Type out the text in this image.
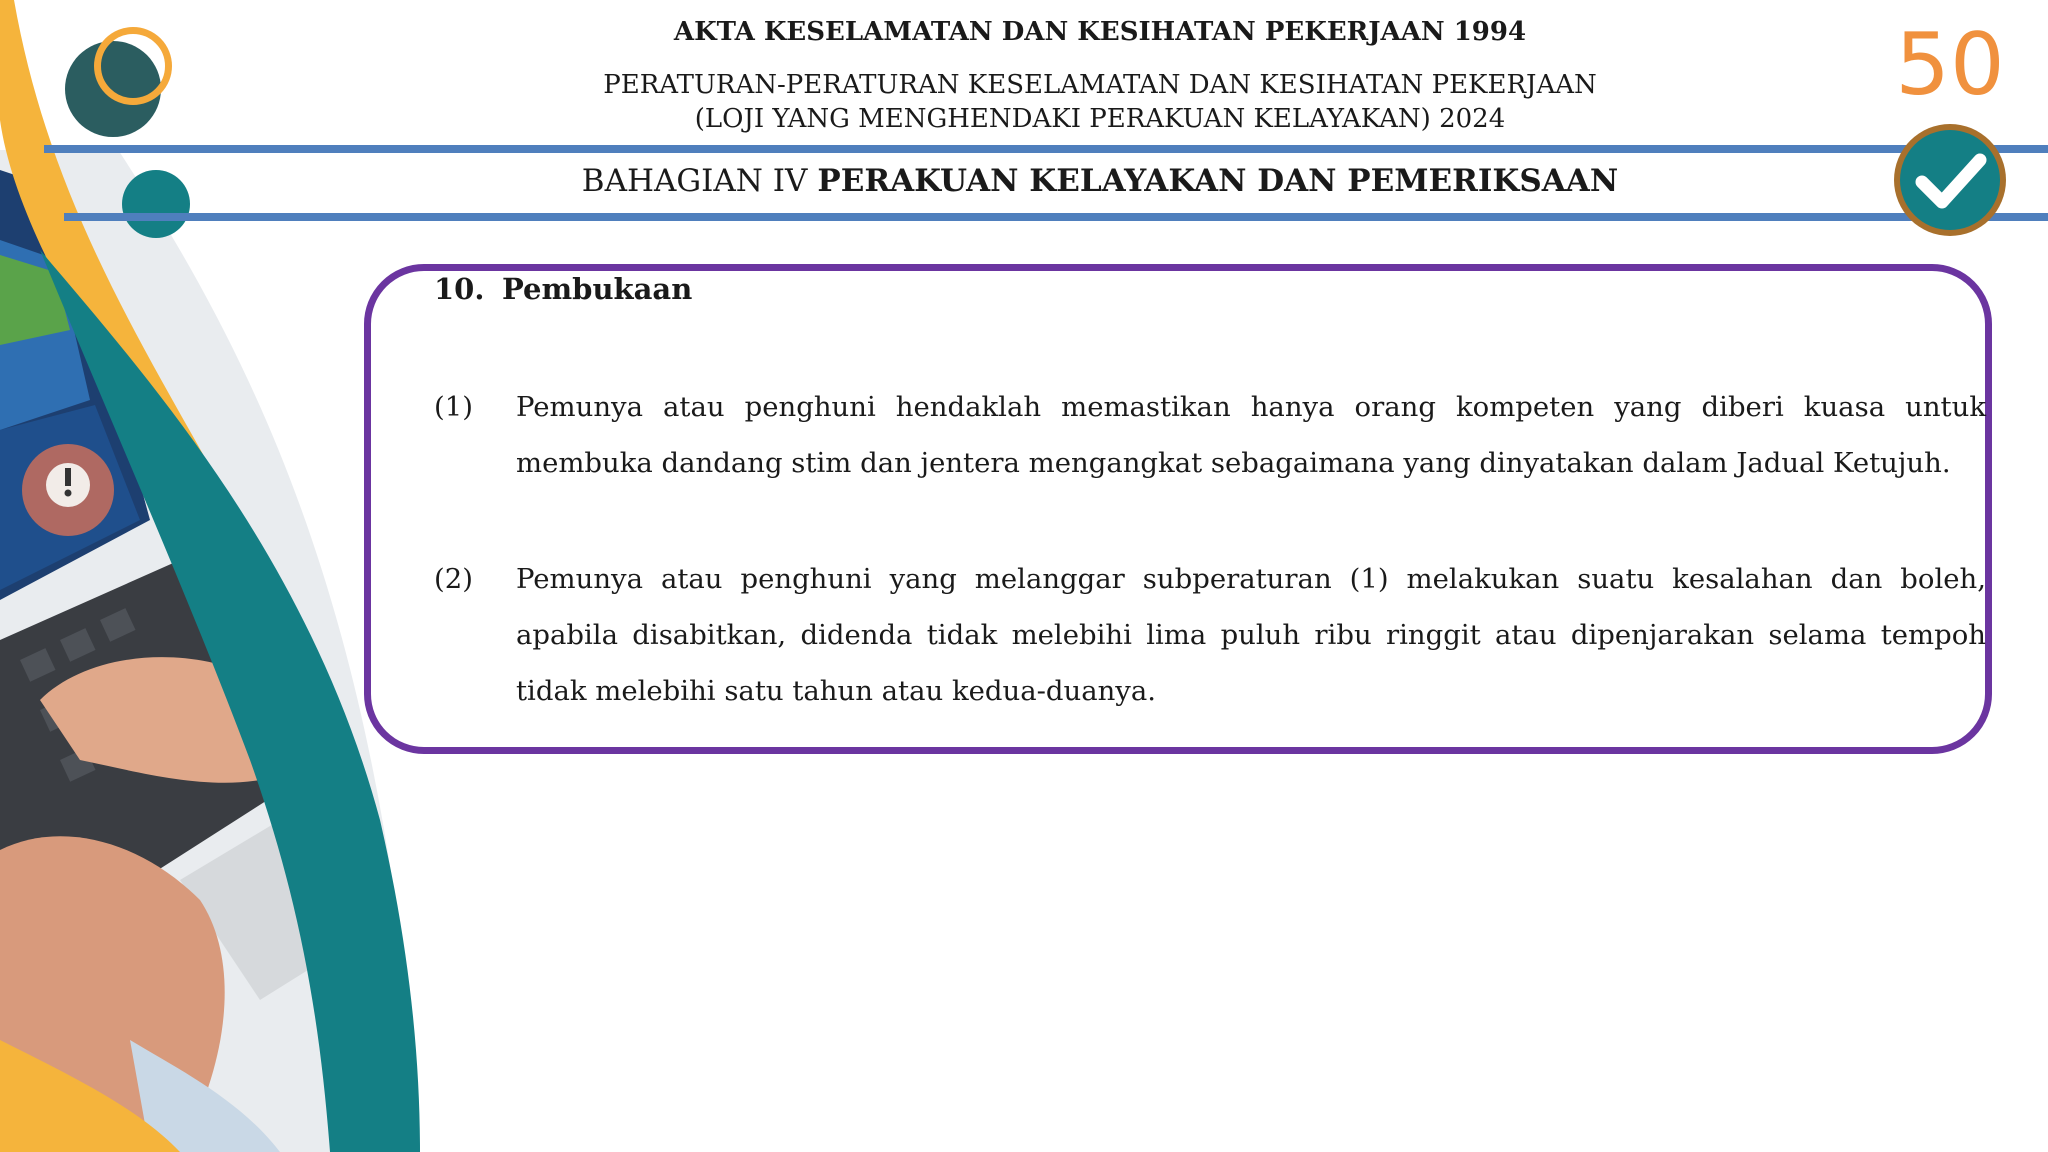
AKTA KESELAMATAN DAN KESIHATAN PEKERJAAN 1994
PERATURAN-PERATURAN KESELAMATAN DAN KESIHATAN PEKERJAAN
(LOJI YANG MENGHENDAKI PERAKUAN KELAYAKAN) 2024
BAHAGIAN IV PERAKUAN KELAYAKAN DAN PEMERIKSAAN
50
10. Pembukaan
(1) Pemunya atau penghuni hendaklah memastikan hanya orang kompeten yang diberi kuasa untuk membuka dandang stim dan jentera mengangkat sebagaimana yang dinyatakan dalam Jadual Ketujuh.
(2) Pemunya atau penghuni yang melanggar subperaturan (1) melakukan suatu kesalahan dan boleh, apabila disabitkan, didenda tidak melebihi lima puluh ribu ringgit atau dipenjarakan selama tempoh tidak melebihi satu tahun atau kedua-duanya.
